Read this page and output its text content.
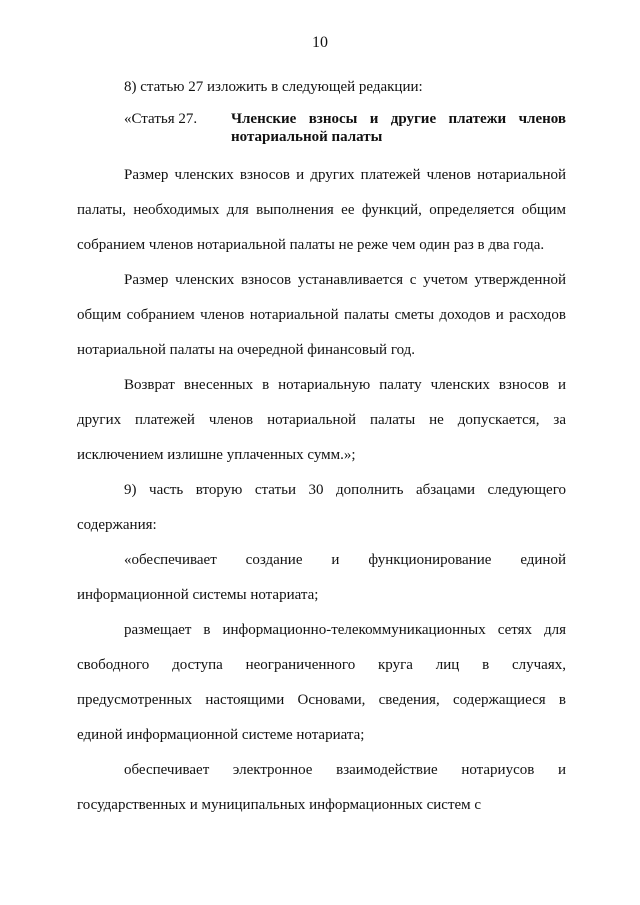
10

8) статью 27 изложить в следующей редакции:

«Статья 27.	Членские взносы и другие платежи членов нотариальной палаты

Размер членских взносов и других платежей членов нотариальной палаты, необходимых для выполнения ее функций, определяется общим собранием членов нотариальной палаты не реже чем один раз в два года.

Размер членских взносов устанавливается с учетом утвержденной общим собранием членов нотариальной палаты сметы доходов и расходов нотариальной палаты на очередной финансовый год.

Возврат внесенных в нотариальную палату членских взносов и других платежей членов нотариальной палаты не допускается, за исключением излишне уплаченных сумм.»;

9) часть вторую статьи 30 дополнить абзацами следующего содержания:

«обеспечивает создание и функционирование единой информационной системы нотариата;

размещает в информационно-телекоммуникационных сетях для свободного доступа неограниченного круга лиц в случаях, предусмотренных настоящими Основами, сведения, содержащиеся в единой информационной системе нотариата;

обеспечивает электронное взаимодействие нотариусов и государственных и муниципальных информационных систем с
